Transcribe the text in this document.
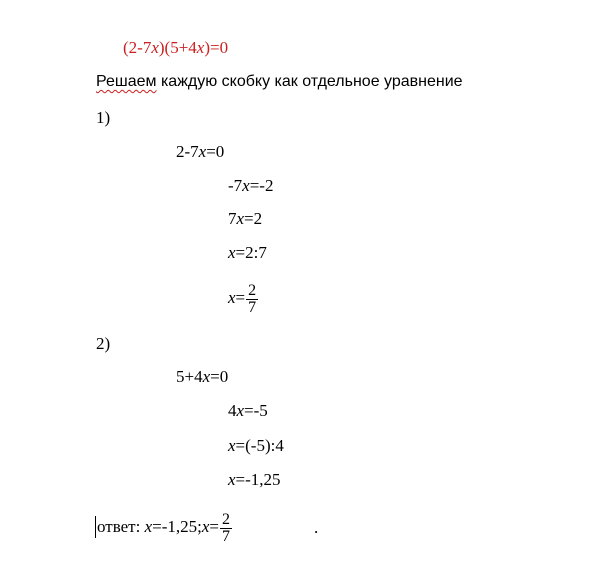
(2-7x)(5+4x)=0
Решаем каждую скобку как отдельное уравнение
1)
2-7x=0
-7x=-2
7x=2
x=2:7
$x= \frac{2}{7}$
2)
5+4x=0
4x=-5
x=(-5):4
x=-1,25
ответ: x=-1,25;x= $\frac{2}{7}$	.
